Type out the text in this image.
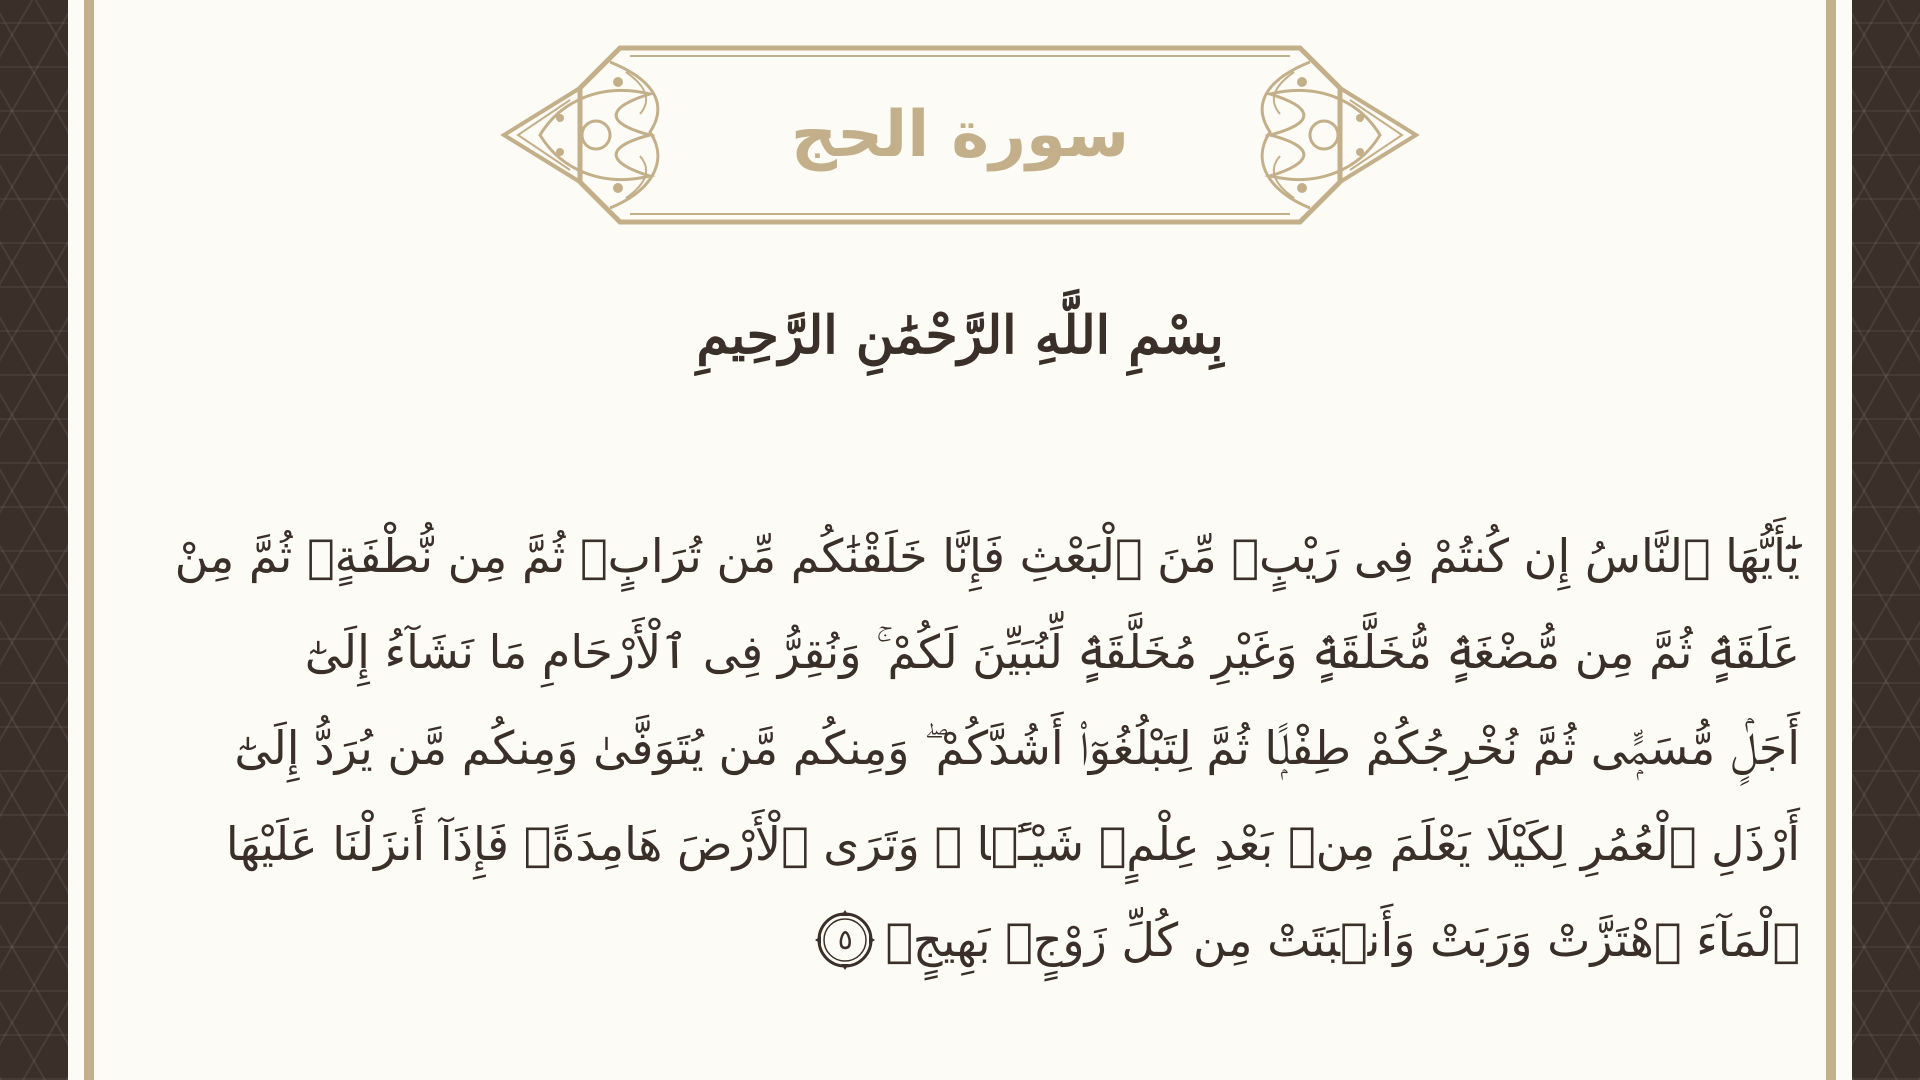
سورة الحج
بِسْمِ اللَّهِ الرَّحْمَٰنِ الرَّحِيمِ
يَٰٓأَيُّهَا ٱلنَّاسُ إِن كُنتُمْ فِى رَيْبٍۢ مِّنَ ٱلْبَعْثِ فَإِنَّا خَلَقْنَٰكُم مِّن تُرَابٍۢ ثُمَّ مِن نُّطْفَةٍۢ ثُمَّ مِنْ
عَلَقَةٍۢ ثُمَّ مِن مُّضْغَةٍۢ مُّخَلَّقَةٍۢ وَغَيْرِ مُخَلَّقَةٍۢ لِّنُبَيِّنَ لَكُمْ ۚ وَنُقِرُّ فِى ٱلْأَرْحَامِ مَا نَشَآءُ إِلَىٰٓ
أَجَلٍۢ مُّسَمًّۭى ثُمَّ نُخْرِجُكُمْ طِفْلًۭا ثُمَّ لِتَبْلُغُوٓا۟ أَشُدَّكُمْ ۖ وَمِنكُم مَّن يُتَوَفَّىٰ وَمِنكُم مَّن يُرَدُّ إِلَىٰٓ
أَرْذَلِ ٱلْعُمُرِ لِكَيْلَا يَعْلَمَ مِنۢ بَعْدِ عِلْمٍۢ شَيْـًۭٔا ۚ وَتَرَى ٱلْأَرْضَ هَامِدَةًۭ فَإِذَآ أَنزَلْنَا عَلَيْهَا
ٱلْمَآءَ ٱهْتَزَّتْ وَرَبَتْ وَأَنۢبَتَتْ مِن كُلِّ زَوْجٍۭ بَهِيجٍۢ
٥
